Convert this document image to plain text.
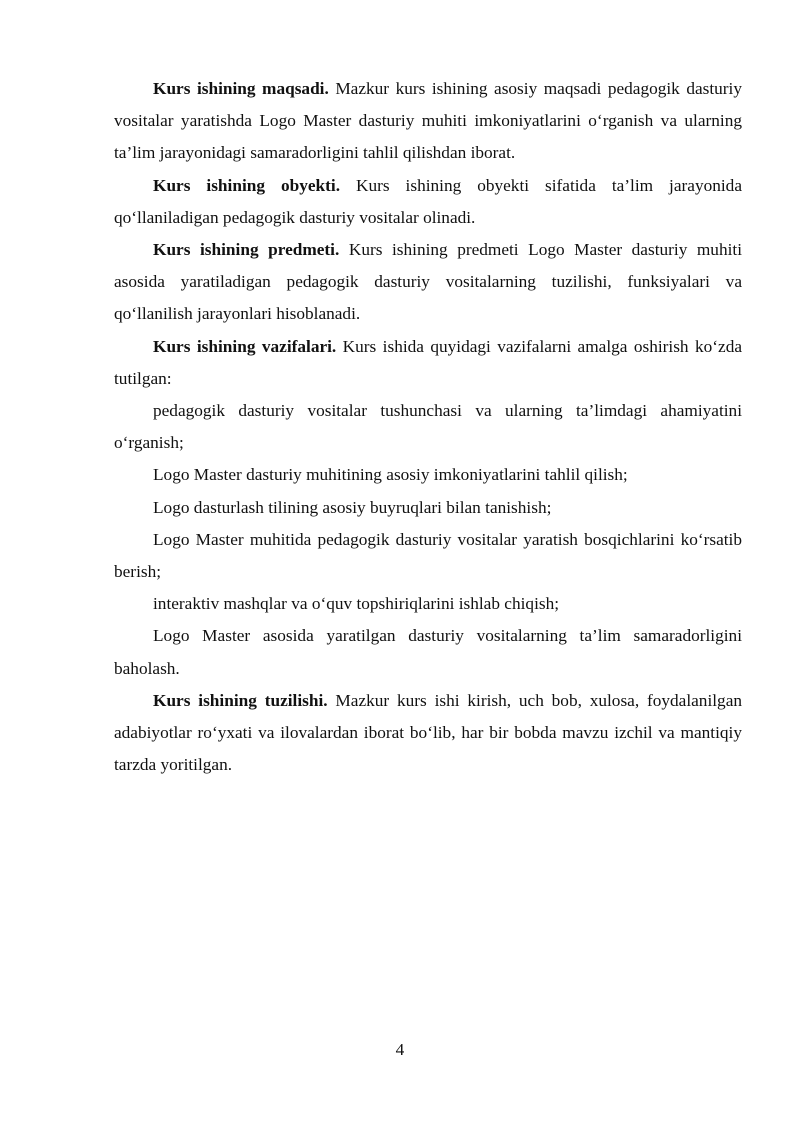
Kurs ishining maqsadi. Mazkur kurs ishining asosiy maqsadi pedagogik dasturiy vositalar yaratishda Logo Master dasturiy muhiti imkoniyatlarini o‘rganish va ularning ta’lim jarayonidagi samaradorligini tahlil qilishdan iborat.

Kurs ishining obyekti. Kurs ishining obyekti sifatida ta’lim jarayonida qo‘llaniladigan pedagogik dasturiy vositalar olinadi.

Kurs ishining predmeti. Kurs ishining predmeti Logo Master dasturiy muhiti asosida yaratiladigan pedagogik dasturiy vositalarning tuzilishi, funksiyalari va qo‘llanilish jarayonlari hisoblanadi.

Kurs ishining vazifalari. Kurs ishida quyidagi vazifalarni amalga oshirish ko‘zda tutilgan:

pedagogik dasturiy vositalar tushunchasi va ularning ta’limdagi ahamiyatini o‘rganish;

Logo Master dasturiy muhitining asosiy imkoniyatlarini tahlil qilish;

Logo dasturlash tilining asosiy buyruqlari bilan tanishish;

Logo Master muhitida pedagogik dasturiy vositalar yaratish bosqichlarini ko‘rsatib berish;

interaktiv mashqlar va o‘quv topshiriqlarini ishlab chiqish;

Logo Master asosida yaratilgan dasturiy vositalarning ta’lim samaradorligini baholash.

Kurs ishining tuzilishi. Mazkur kurs ishi kirish, uch bob, xulosa, foydalanilgan adabiyotlar ro‘yxati va ilovalardan iborat bo‘lib, har bir bobda mavzu izchil va mantiqiy tarzda yoritilgan.

4
